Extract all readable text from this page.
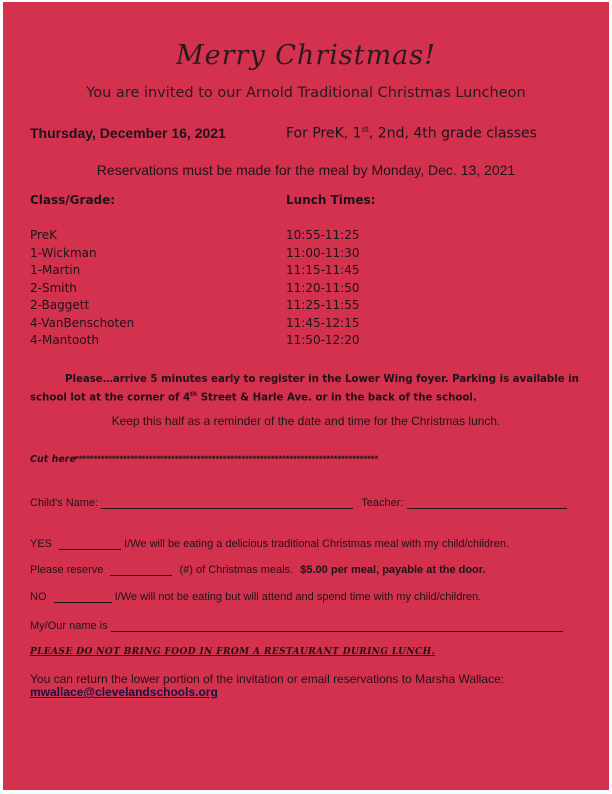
Merry Christmas!
You are invited to our Arnold Traditional Christmas Luncheon
Thursday, December 16, 2021	For PreK, 1st, 2nd, 4th grade classes
Reservations must be made for the meal by Monday, Dec. 13, 2021
Class/Grade:	Lunch Times:
PreK	10:55-11:25
1-Wickman	11:00-11:30
1-Martin	11:15-11:45
2-Smith	11:20-11:50
2-Baggett	11:25-11:55
4-VanBenschoten	11:45-12:15
4-Mantooth	11:50-12:20
Please…arrive 5 minutes early to register in the Lower Wing foyer. Parking is available in school lot at the corner of 4th Street & Harle Ave. or in the back of the school.
Keep this half as a reminder of the date and time for the Christmas lunch.
Cut here **********************************************************************************
Child's Name:	Teacher:
YES	I/We will be eating a delicious traditional Christmas meal with my child/children.
Please reserve	(#) of Christmas meals. $5.00 per meal, payable at the door.
NO	I/We will not be eating but will attend and spend time with my child/children.
My/Our name is
PLEASE DO NOT BRING FOOD IN FROM A RESTAURANT DURING LUNCH.
You can return the lower portion of the invitation or email reservations to Marsha Wallace:
mwallace@clevelandschools.org
